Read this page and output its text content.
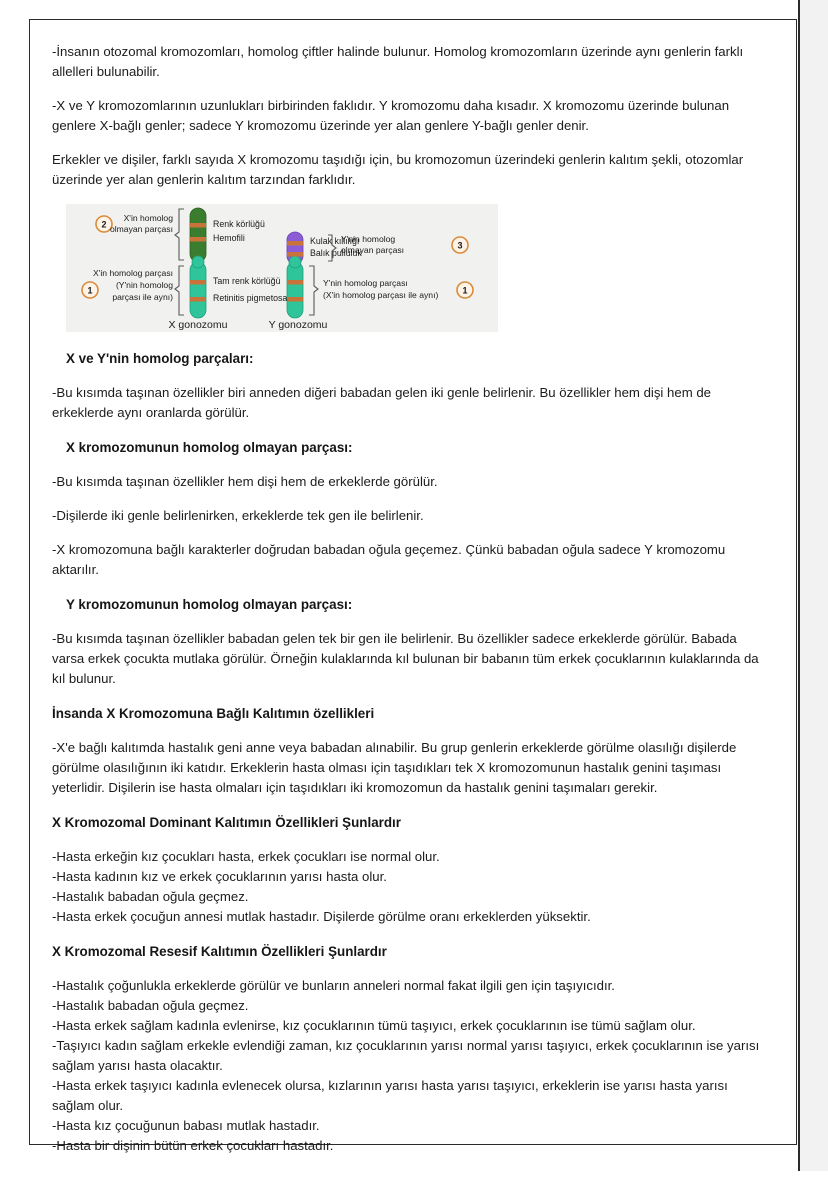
-İnsanın otozomal kromozomları, homolog çiftler halinde bulunur. Homolog kromozomların üzerinde aynı genlerin farklı allelleri bulunabilir.

-X ve Y kromozomlarının uzunlukları birbirinden faklıdır. Y kromozomu daha kısadır. X kromozomu üzerinde bulunan genlere X-bağlı genler; sadece Y kromozomu üzerinde yer alan genlere Y-bağlı genler denir.

Erkekler ve dişiler, farklı sayıda X kromozomu taşıdığı için, bu kromozomun üzerindeki genlerin kalıtım şekli, otozomlar üzerinde yer alan genlerin kalıtım tarzından farklıdır.

2
3
1	1
X'in homolog
olmayan parçası
X'in homolog parçası
(Y'nin homolog
parçası ile aynı)
Y'nin homolog
olmayan parçası
Y'nin homolog parçası
(X'in homolog parçası ile aynı)
Renk körlüğü
Hemofili
Tam renk körlüğü
Retinitis pigmetosa
Kulak kıllılığı
Balık pulluluk
X gonozomu	Y gonozomu
X ve Y'nin homolog parçaları:

-Bu kısımda taşınan özellikler biri anneden diğeri babadan gelen iki genle belirlenir. Bu özellikler hem dişi hem de erkeklerde aynı oranlarda görülür.

X kromozomunun homolog olmayan parçası:

-Bu kısımda taşınan özellikler hem dişi hem de erkeklerde görülür.

-Dişilerde iki genle belirlenirken, erkeklerde tek gen ile belirlenir.

-X kromozomuna bağlı karakterler doğrudan babadan oğula geçemez. Çünkü babadan oğula sadece Y kromozomu aktarılır.

Y kromozomunun homolog olmayan parçası:

-Bu kısımda taşınan özellikler babadan gelen tek bir gen ile belirlenir. Bu özellikler sadece erkeklerde görülür. Babada varsa erkek çocukta mutlaka görülür. Örneğin kulaklarında kıl bulunan bir babanın tüm erkek çocuklarının kulaklarında da kıl bulunur.

İnsanda X Kromozomuna Bağlı Kalıtımın özellikleri

-X'e bağlı kalıtımda hastalık geni anne veya babadan alınabilir. Bu grup genlerin erkeklerde görülme olasılığı dişilerde görülme olasılığının iki katıdır. Erkeklerin hasta olması için taşıdıkları tek X kromozomunun hastalık genini taşıması yeterlidir. Dişilerin ise hasta olmaları için taşıdıkları iki kromozomun da hastalık genini taşımaları gerekir.

X Kromozomal Dominant Kalıtımın Özellikleri Şunlardır

-Hasta erkeğin kız çocukları hasta, erkek çocukları ise normal olur.

-Hasta kadının kız ve erkek çocuklarının yarısı hasta olur.

-Hastalık babadan oğula geçmez.

-Hasta erkek çocuğun annesi mutlak hastadır. Dişilerde görülme oranı erkeklerden yüksektir.

X Kromozomal Resesif Kalıtımın Özellikleri Şunlardır

-Hastalık çoğunlukla erkeklerde görülür ve bunların anneleri normal fakat ilgili gen için taşıyıcıdır.

-Hastalık babadan oğula geçmez.

-Hasta erkek sağlam kadınla evlenirse, kız çocuklarının tümü taşıyıcı, erkek çocuklarının ise tümü sağlam olur.

-Taşıyıcı kadın sağlam erkekle evlendiği zaman, kız çocuklarının yarısı normal yarısı taşıyıcı, erkek çocuklarının ise yarısı sağlam yarısı hasta olacaktır.

-Hasta erkek taşıyıcı kadınla evlenecek olursa, kızlarının yarısı hasta yarısı taşıyıcı, erkeklerin ise yarısı hasta yarısı sağlam olur.

-Hasta kız çocuğunun babası mutlak hastadır.

-Hasta bir dişinin bütün erkek çocukları hastadır.
